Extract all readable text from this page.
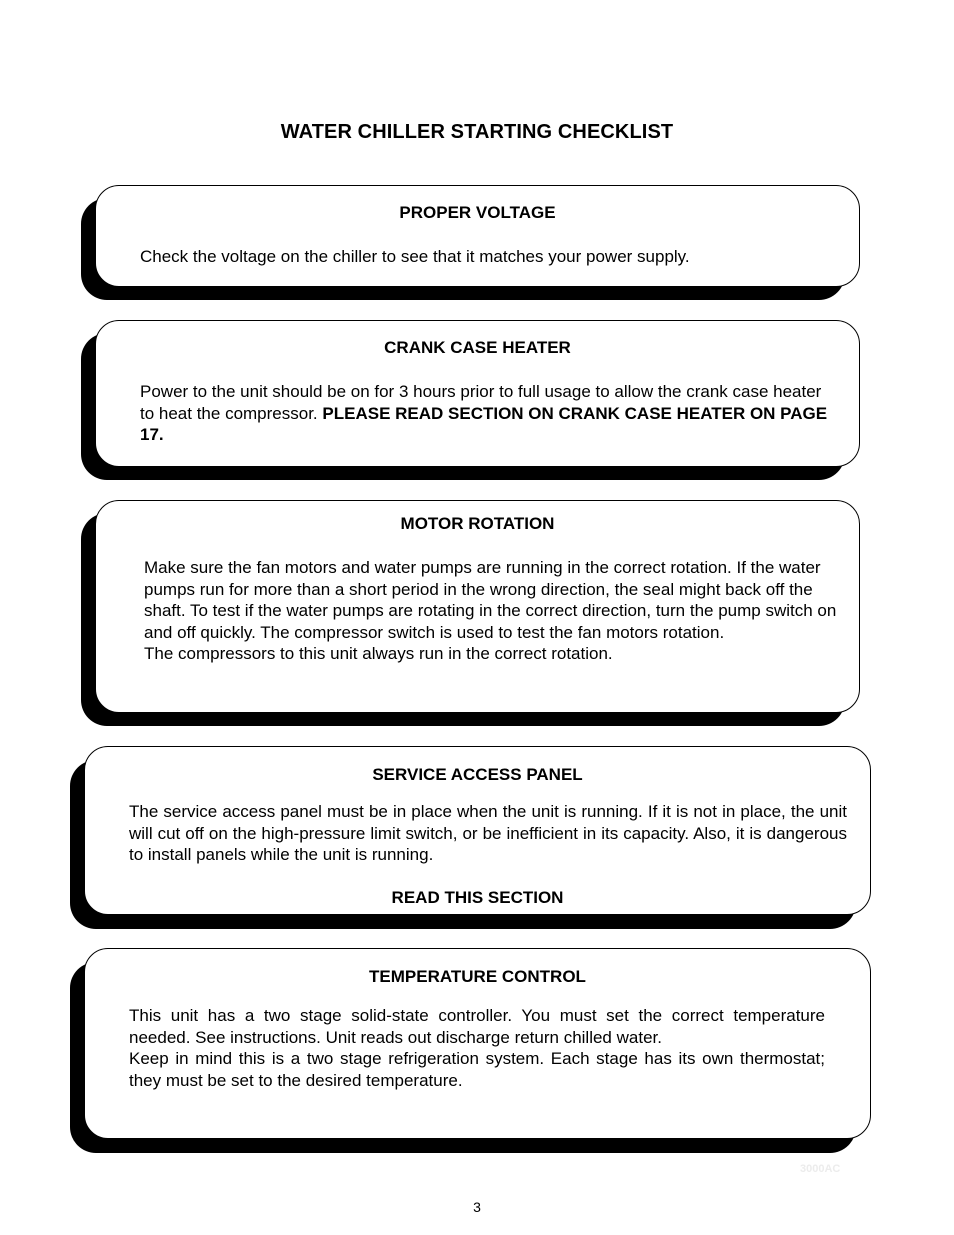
WATER CHILLER STARTING CHECKLIST
PROPER VOLTAGE
Check the voltage on the chiller to see that it matches your power supply.
CRANK CASE HEATER
Power to the unit should be on for 3 hours prior to full usage to allow the crank case heater to heat the compressor. PLEASE READ SECTION ON CRANK CASE HEATER ON PAGE 17.
MOTOR ROTATION
Make sure the fan motors and water pumps are running in the correct rotation. If the water pumps run for more than a short period in the wrong direction, the seal might back off the shaft. To test if the water pumps are rotating in the correct direction, turn the pump switch on and off quickly. The compressor switch is used to test the fan motors rotation.
The compressors to this unit always run in the correct rotation.
SERVICE ACCESS PANEL
The service access panel must be in place when the unit is running. If it is not in place, the unit will cut off on the high-pressure limit switch, or be inefficient in its capacity. Also, it is dangerous to install panels while the unit is running.
READ THIS SECTION
TEMPERATURE CONTROL
This unit has a two stage solid-state controller. You must set the correct temperature needed. See instructions. Unit reads out discharge return chilled water.
Keep in mind this is a two stage refrigeration system. Each stage has its own thermostat; they must be set to the desired temperature.
3000AC
3
